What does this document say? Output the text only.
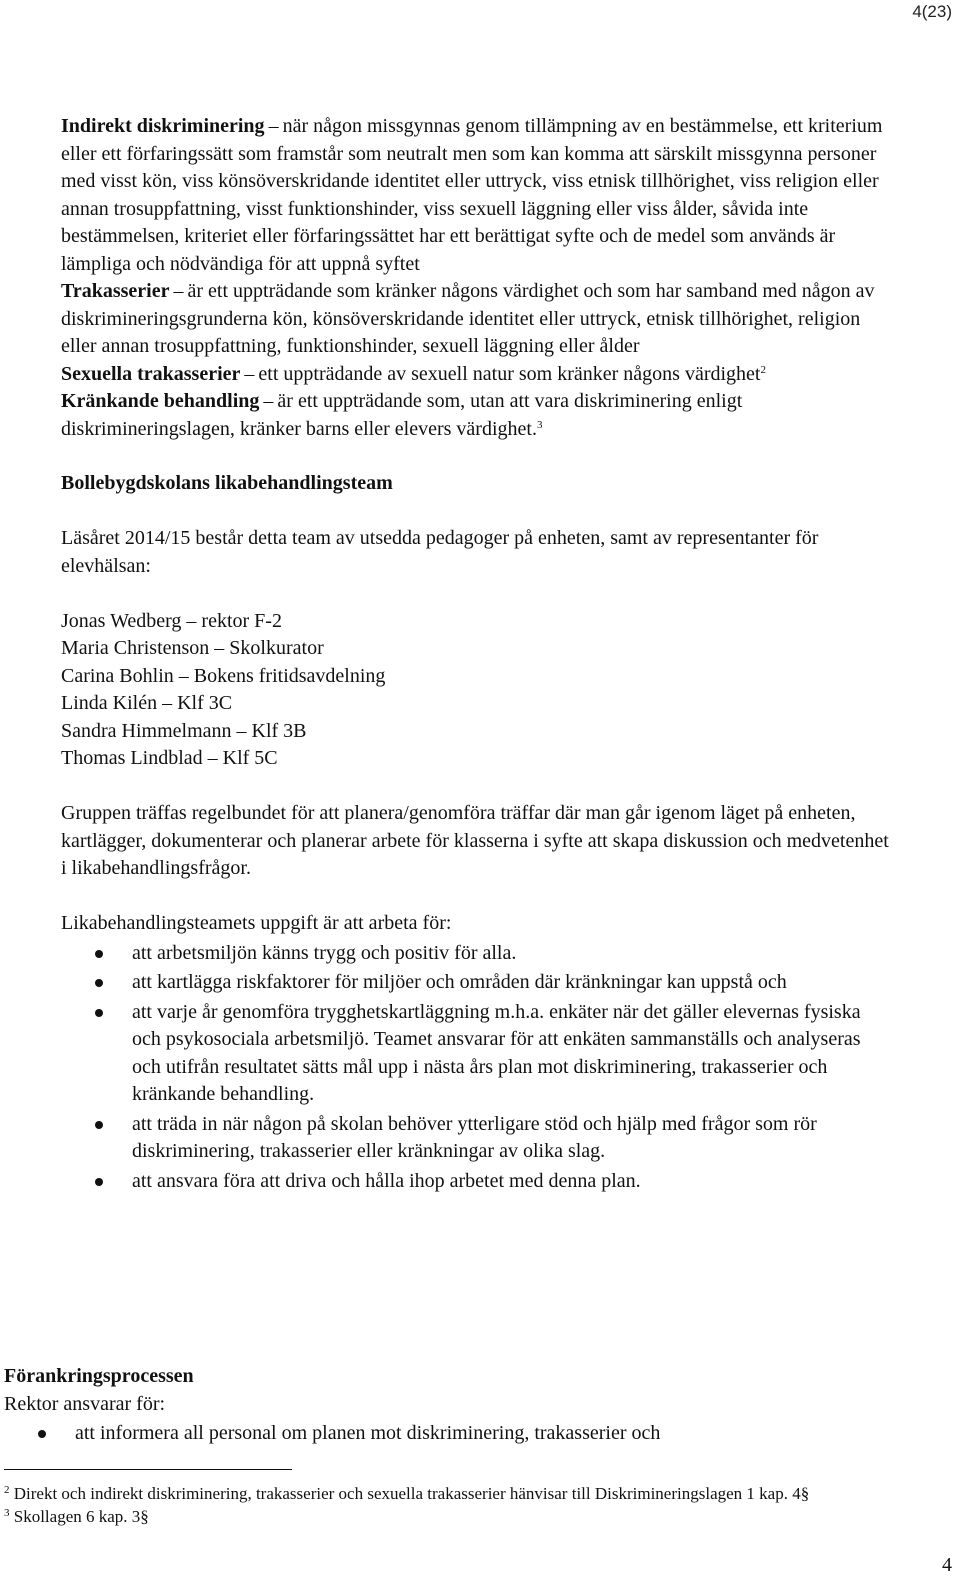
4(23)

Indirekt diskriminering – när någon missgynnas genom tillämpning av en bestämmelse, ett kriterium eller ett förfaringssätt som framstår som neutralt men som kan komma att särskilt missgynna personer med visst kön, viss könsöverskridande identitet eller uttryck, viss etnisk tillhörighet, viss religion eller annan trosuppfattning, visst funktionshinder, viss sexuell läggning eller viss ålder, såvida inte bestämmelsen, kriteriet eller förfaringssättet har ett berättigat syfte och de medel som används är lämpliga och nödvändiga för att uppnå syftet

Trakasserier – är ett uppträdande som kränker någons värdighet och som har samband med någon av diskrimineringsgrunderna kön, könsöverskridande identitet eller uttryck, etnisk tillhörighet, religion eller annan trosuppfattning, funktionshinder, sexuell läggning eller ålder

Sexuella trakasserier – ett uppträdande av sexuell natur som kränker någons värdighet$^2$

Kränkande behandling – är ett uppträdande som, utan att vara diskriminering enligt diskrimineringslagen, kränker barns eller elevers värdighet.$^3$

Bollebygdskolans likabehandlingsteam

Läsåret 2014/15 består detta team av utsedda pedagoger på enheten, samt av representanter för elevhälsan:

Jonas Wedberg – rektor F-2
Maria Christenson – Skolkurator
Carina Bohlin – Bokens fritidsavdelning
Linda Kilén – Klf 3C
Sandra Himmelmann – Klf 3B
Thomas Lindblad – Klf 5C

Gruppen träffas regelbundet för att planera/genomföra träffar där man går igenom läget på enheten, kartlägger, dokumenterar och planerar arbete för klasserna i syfte att skapa diskussion och medvetenhet i likabehandlingsfrågor.

Likabehandlingsteamets uppgift är att arbeta för:

att arbetsmiljön känns trygg och positiv för alla.
att kartlägga riskfaktorer för miljöer och områden där kränkningar kan uppstå och
att varje år genomföra trygghetskartläggning m.h.a. enkäter när det gäller elevernas fysiska och psykosociala arbetsmiljö. Teamet ansvarar för att enkäten sammanställs och analyseras och utifrån resultatet sätts mål upp i nästa års plan mot diskriminering, trakasserier och kränkande behandling.
att träda in när någon på skolan behöver ytterligare stöd och hjälp med frågor som rör diskriminering, trakasserier eller kränkningar av olika slag.
att ansvara föra att driva och hålla ihop arbetet med denna plan.
Förankringsprocessen
Rektor ansvarar för:
att informera all personal om planen mot diskriminering, trakasserier och
$^2$ Direkt och indirekt diskriminering, trakasserier och sexuella trakasserier hänvisar till Diskrimineringslagen 1 kap. 4§
$^3$ Skollagen 6 kap. 3§
4
